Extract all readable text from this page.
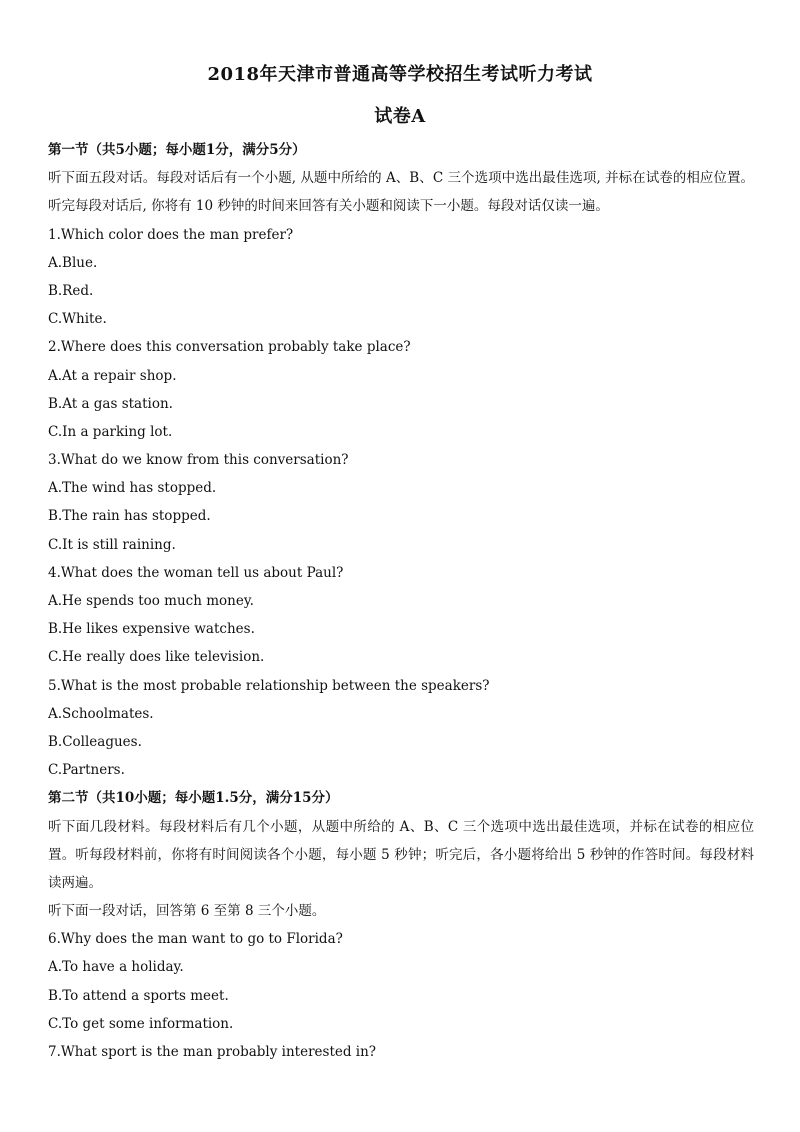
2018年天津市普通高等学校招生考试听力考试
试卷A
第一节（共5小题；每小题1分，满分5分）
听下面五段对话。每段对话后有一个小题, 从题中所给的 A、B、C 三个选项中选出最佳选项, 并标在试卷的相应位置。听完每段对话后, 你将有 10 秒钟的时间来回答有关小题和阅读下一小题。每段对话仅读一遍。
1.Which color does the man prefer?
A.Blue.
B.Red.
C.White.
2.Where does this conversation probably take place?
A.At a repair shop.
B.At a gas station.
C.In a parking lot.
3.What do we know from this conversation?
A.The wind has stopped.
B.The rain has stopped.
C.It is still raining.
4.What does the woman tell us about Paul?
A.He spends too much money.
B.He likes expensive watches.
C.He really does like television.
5.What is the most probable relationship between the speakers?
A.Schoolmates.
B.Colleagues.
C.Partners.
第二节（共10小题；每小题1.5分，满分15分）
听下面几段材料。每段材料后有几个小题，从题中所给的 A、B、C 三个选项中选出最佳选项，并标在试卷的相应位置。听每段材料前，你将有时间阅读各个小题，每小题 5 秒钟；听完后，各小题将给出 5 秒钟的作答时间。每段材料读两遍。
听下面一段对话，回答第 6 至第 8 三个小题。
6.Why does the man want to go to Florida?
A.To have a holiday.
B.To attend a sports meet.
C.To get some information.
7.What sport is the man probably interested in?
